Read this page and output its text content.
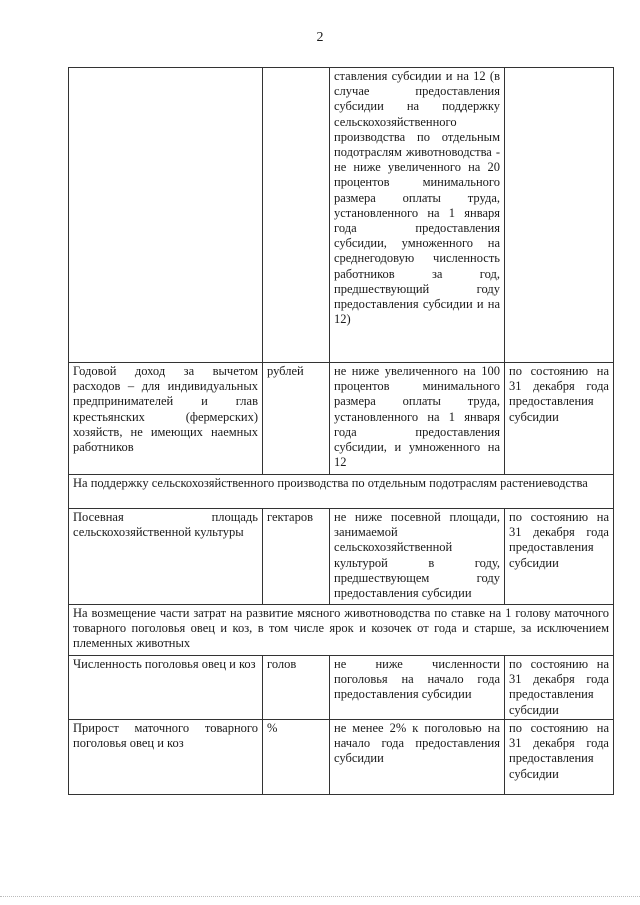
2
		ставления субсидии и на 12 (в случае предоставления субсидии на поддержку сельскохозяйственного производства по отдельным подотраслям животноводства - не ниже увеличенного на 20 процентов минимального размера оплаты труда, установленного на 1 января года предоставления субсидии, умноженного на среднегодовую численность работников за год, предшествующий году предоставления субсидии и на 12)	
Годовой доход за вычетом расходов – для индивидуальных предпринимателей и глав крестьянских (фермерских) хозяйств, не имеющих наемных работников	рублей	не ниже увеличенного на 100 процентов минимального размера оплаты труда, установленного на 1 января года предоставления субсидии, и умноженного на 12	по состоянию на 31 декабря года предоставления субсидии
На поддержку сельскохозяйственного производства по отдельным подотраслям растениеводства			
Посевная площадь сельскохозяйственной культуры	гектаров	не ниже посевной площади, занимаемой сельскохозяйственной культурой в году, предшествующем году предоставления субсидии	по состоянию на 31 декабря года предоставления субсидии
На возмещение части затрат на развитие мясного животноводства по ставке на 1 голову маточного товарного поголовья овец и коз, в том числе ярок и козочек от года и старше, за исключением племенных животных			
Численность поголовья овец и коз	голов	не ниже численности поголовья на начало года предоставления субсидии	по состоянию на 31 декабря года предоставления субсидии
Прирост маточного товарного поголовья овец и коз	%	не менее 2% к поголовью на начало года предоставления субсидии	по состоянию на 31 декабря года предоставления субсидии
